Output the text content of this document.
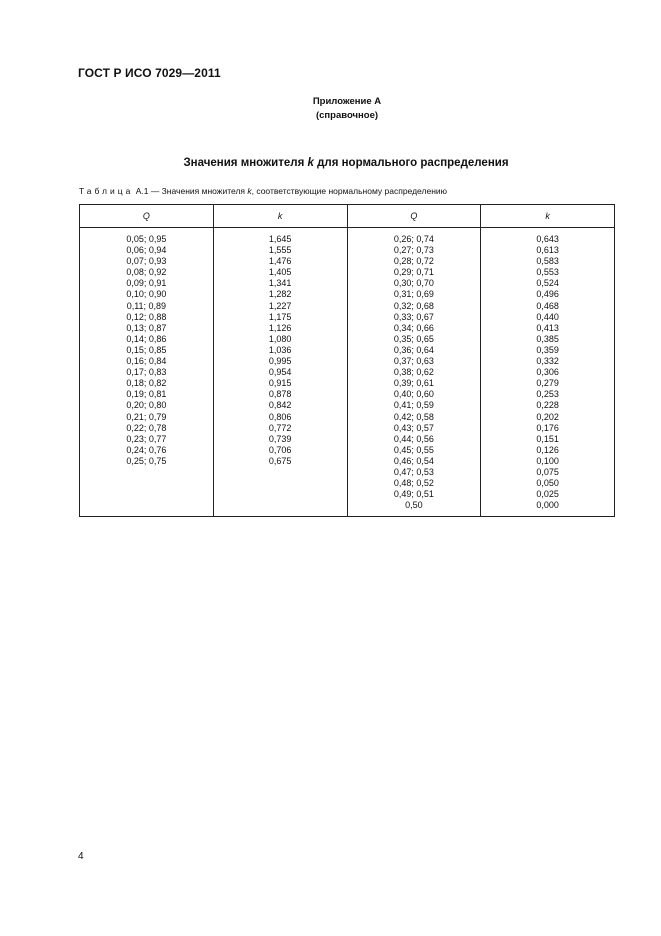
ГОСТ Р ИСО 7029—2011
Приложение А
(справочное)
Значения множителя k для нормального распределения
Таблица А.1 — Значения множителя k, соответствующие нормальному распределению
Q	k	Q	k

0,05; 0,95	1,645	0,26; 0,74	0,643
0,06; 0,94	1,555	0,27; 0,73	0,613
0,07; 0,93	1,476	0,28; 0,72	0,583
0,08; 0,92	1,405	0,29; 0,71	0,553
0,09; 0,91	1,341	0,30; 0,70	0,524
0,10; 0,90	1,282	0,31; 0,69	0,496
0,11; 0,89	1,227	0,32; 0,68	0,468
0,12; 0,88	1,175	0,33; 0,67	0,440
0,13; 0,87	1,126	0,34; 0,66	0,413
0,14; 0,86	1,080	0,35; 0,65	0,385
0,15; 0,85	1,036	0,36; 0,64	0,359
0,16; 0,84	0,995	0,37; 0,63	0,332
0,17; 0,83	0,954	0,38; 0,62	0,306
0,18; 0,82	0,915	0,39; 0,61	0,279
0,19; 0,81	0,878	0,40; 0,60	0,253
0,20; 0,80	0,842	0,41; 0,59	0,228
0,21; 0,79	0,806	0,42; 0,58	0,202
0,22; 0,78	0,772	0,43; 0,57	0,176
0,23; 0,77	0,739	0,44; 0,56	0,151
0,24; 0,76	0,706	0,45; 0,55	0,126
0,25; 0,75	0,675	0,46; 0,54	0,100
		0,47; 0,53	0,075
		0,48; 0,52	0,050
		0,49; 0,51	0,025
		0,50	0,000

4
